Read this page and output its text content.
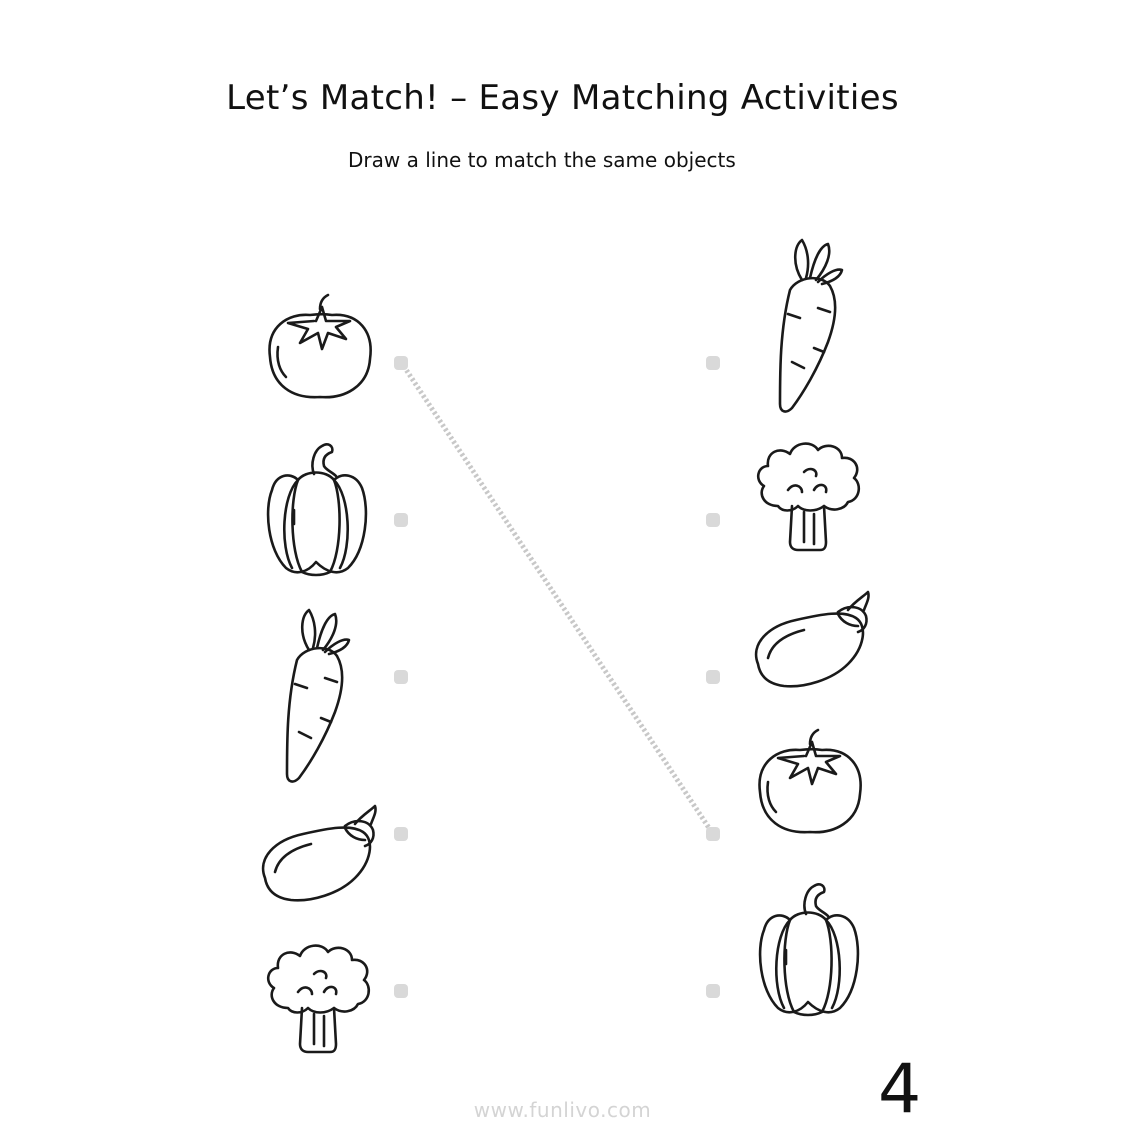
Let’s Match! – Easy Matching Activities
Draw a line to match the same objects
4
www.funlivo.com
